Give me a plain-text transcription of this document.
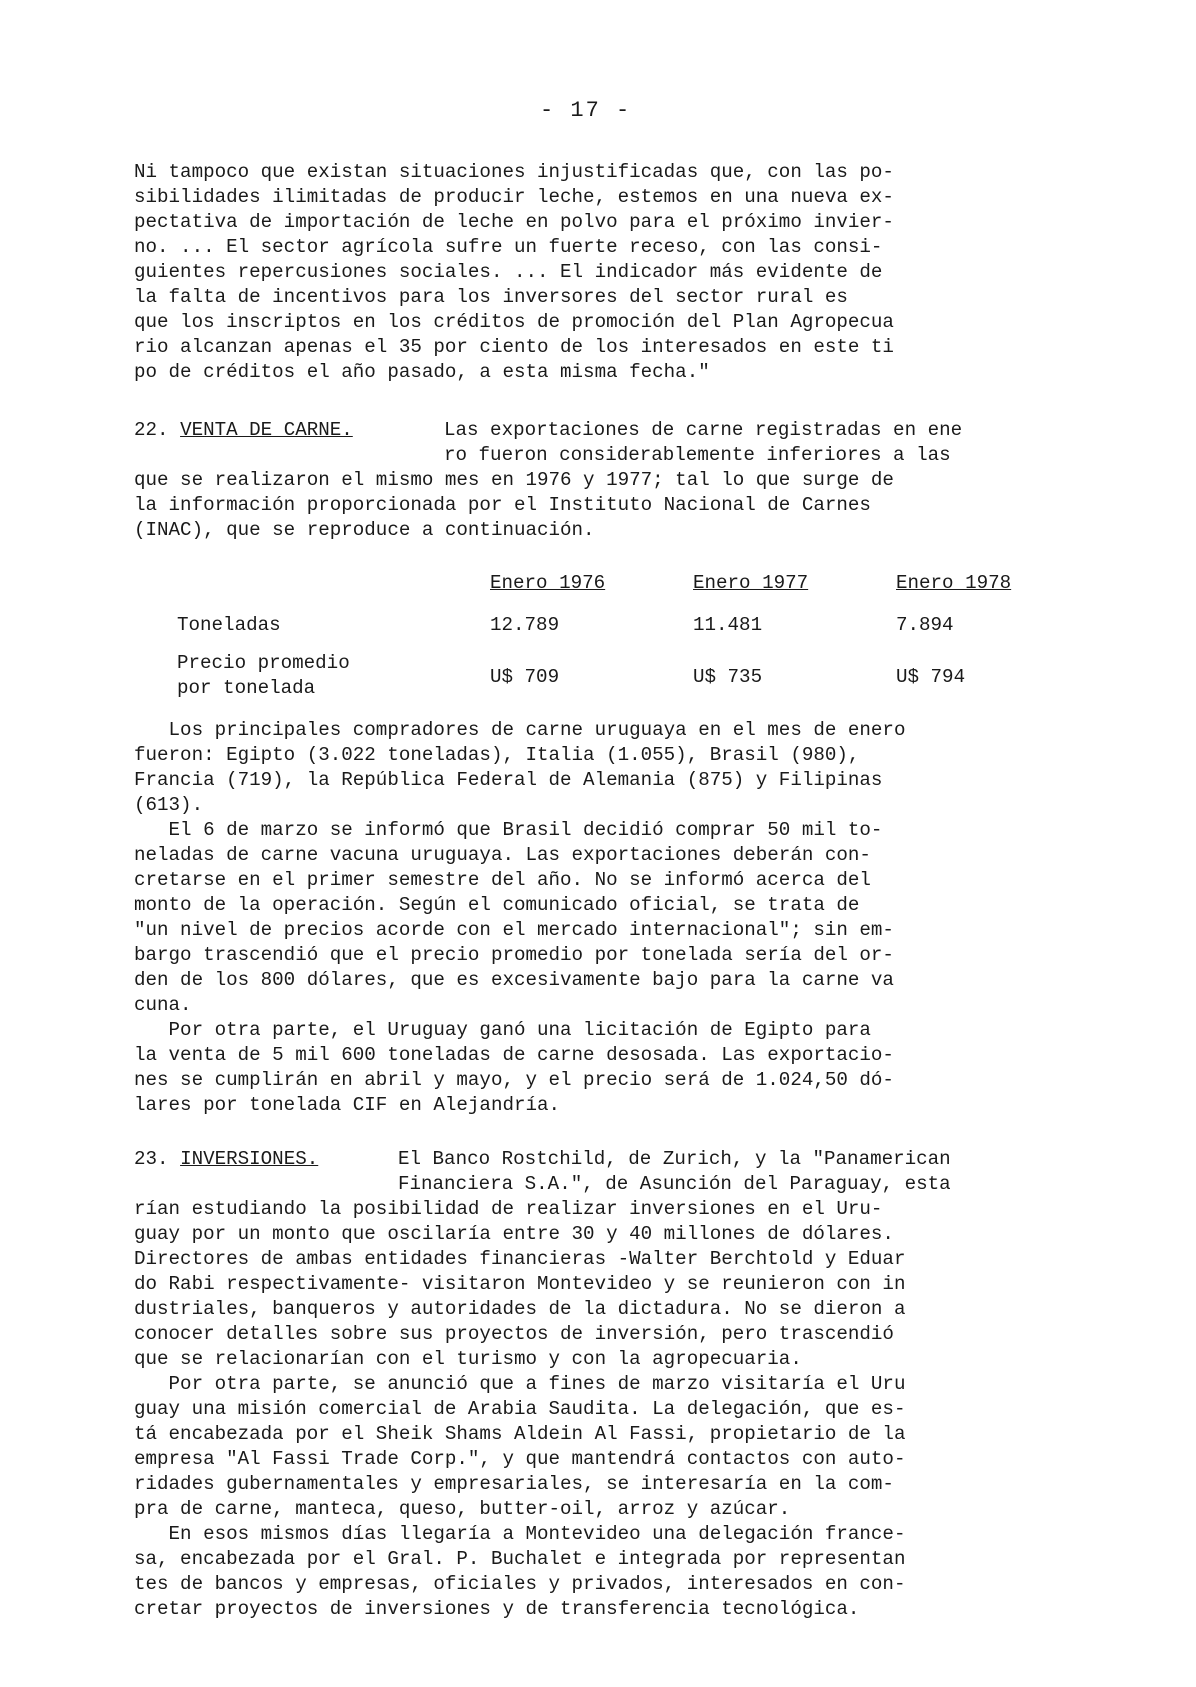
- 17 -
Ni tampoco que existan situaciones injustificadas que, con las po-
sibilidades ilimitadas de producir leche, estemos en una nueva ex-
pectativa de importación de leche en polvo para el próximo invier-
no. ... El sector agrícola sufre un fuerte receso, con las consi-
guientes repercusiones sociales. ... El indicador más evidente de
la falta de incentivos para los inversores del sector rural es
que los inscriptos en los créditos de promoción del Plan Agropecua
rio alcanzan apenas el 35 por ciento de los interesados en este ti
po de créditos el año pasado, a esta misma fecha."
22. VENTA DE CARNE.	Las exportaciones de carne registradas en ene
ro fueron considerablemente inferiores a las
que se realizaron el mismo mes en 1976 y 1977; tal lo que surge de
la información proporcionada por el Instituto Nacional de Carnes
(INAC), que se reproduce a continuación.
Enero 1976	Enero 1977	Enero 1978
Toneladas	12.789	11.481	7.894
Precio promedio
por tonelada	U$ 709	U$ 735	U$ 794
Los principales compradores de carne uruguaya en el mes de enero
fueron: Egipto (3.022 toneladas), Italia (1.055), Brasil (980),
Francia (719), la República Federal de Alemania (875) y Filipinas
(613).
El 6 de marzo se informó que Brasil decidió comprar 50 mil to-
neladas de carne vacuna uruguaya. Las exportaciones deberán con-
cretarse en el primer semestre del año. No se informó acerca del
monto de la operación. Según el comunicado oficial, se trata de
"un nivel de precios acorde con el mercado internacional"; sin em-
bargo trascendió que el precio promedio por tonelada sería del or-
den de los 800 dólares, que es excesivamente bajo para la carne va
cuna.
Por otra parte, el Uruguay ganó una licitación de Egipto para
la venta de 5 mil 600 toneladas de carne desosada. Las exportacio-
nes se cumplirán en abril y mayo, y el precio será de 1.024,50 dó-
lares por tonelada CIF en Alejandría.
23. INVERSIONES.	El Banco Rostchild, de Zurich, y la "Panamerican
Financiera S.A.", de Asunción del Paraguay, esta
rían estudiando la posibilidad de realizar inversiones en el Uru-
guay por un monto que oscilaría entre 30 y 40 millones de dólares.
Directores de ambas entidades financieras -Walter Berchtold y Eduar
do Rabi respectivamente- visitaron Montevideo y se reunieron con in
dustriales, banqueros y autoridades de la dictadura. No se dieron a
conocer detalles sobre sus proyectos de inversión, pero trascendió
que se relacionarían con el turismo y con la agropecuaria.
Por otra parte, se anunció que a fines de marzo visitaría el Uru
guay una misión comercial de Arabia Saudita. La delegación, que es-
tá encabezada por el Sheik Shams Aldein Al Fassi, propietario de la
empresa "Al Fassi Trade Corp.", y que mantendrá contactos con auto-
ridades gubernamentales y empresariales, se interesaría en la com-
pra de carne, manteca, queso, butter-oil, arroz y azúcar.
En esos mismos días llegaría a Montevideo una delegación france-
sa, encabezada por el Gral. P. Buchalet e integrada por representan
tes de bancos y empresas, oficiales y privados, interesados en con-
cretar proyectos de inversiones y de transferencia tecnológica.
